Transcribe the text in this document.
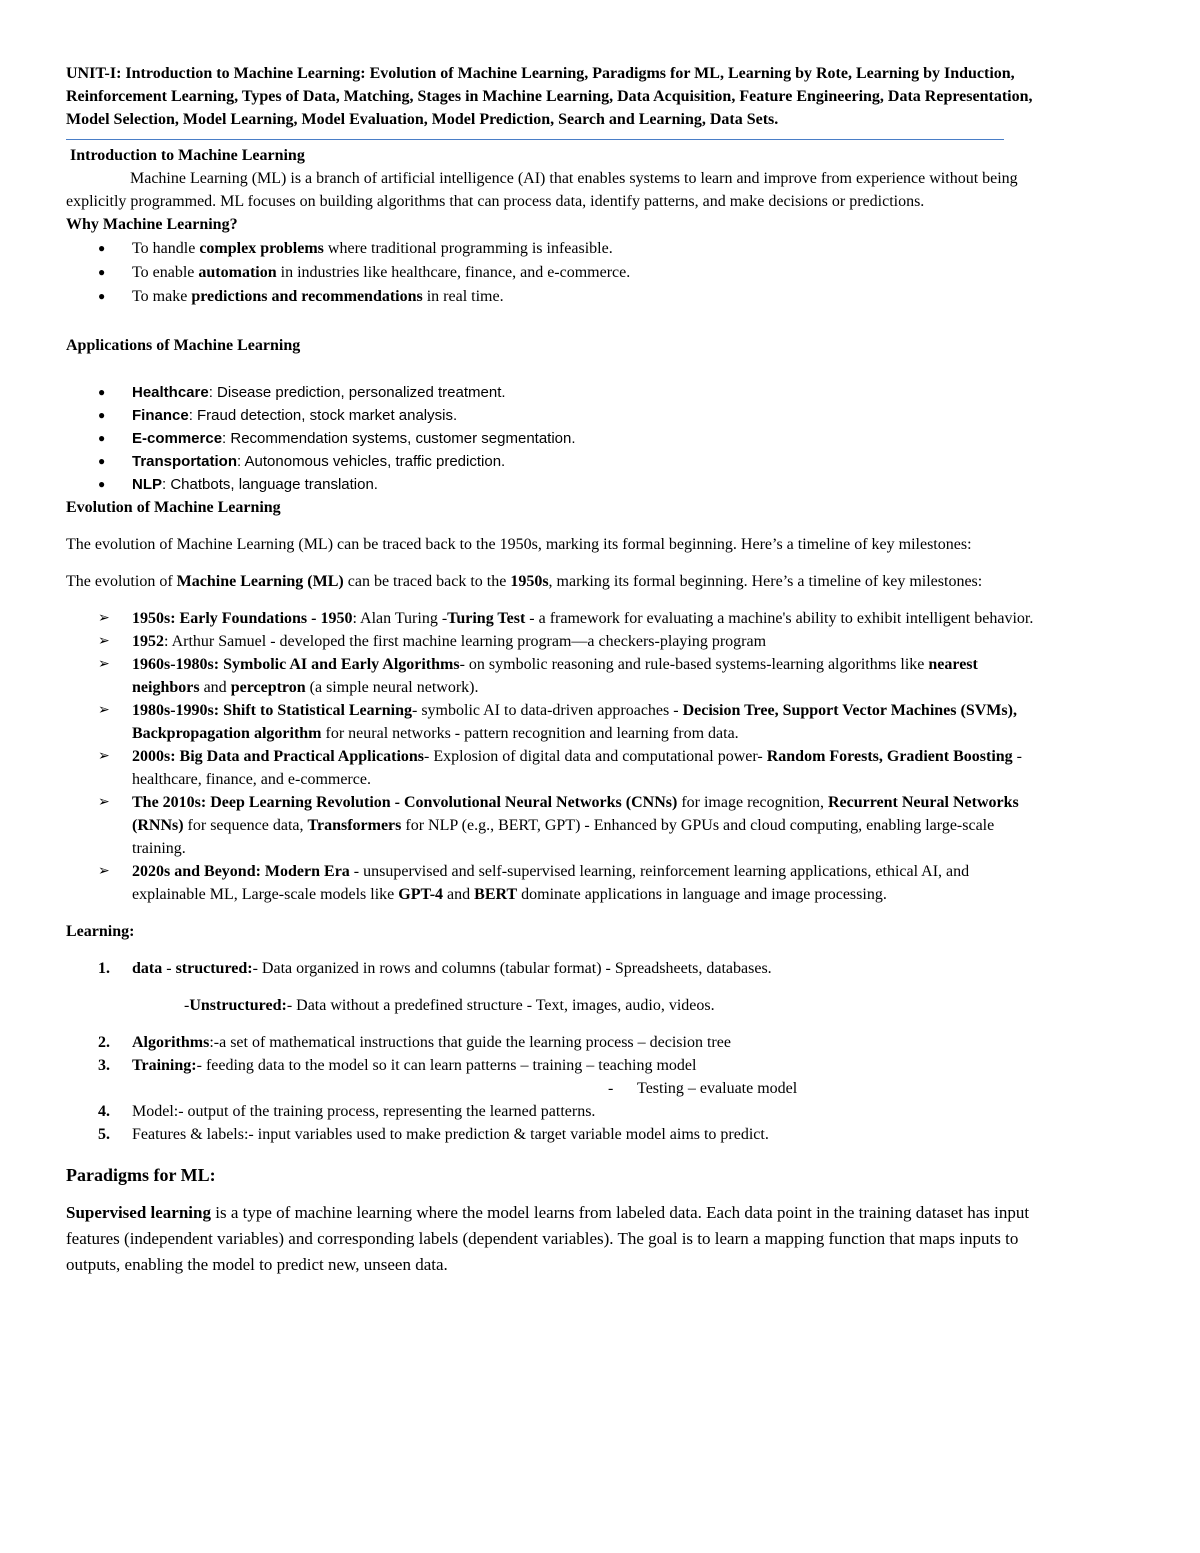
UNIT-I: Introduction to Machine Learning: Evolution of Machine Learning, Paradigms for ML, Learning by Rote, Learning by Induction, Reinforcement Learning, Types of Data, Matching, Stages in Machine Learning, Data Acquisition, Feature Engineering, Data Representation, Model Selection, Model Learning, Model Evaluation, Model Prediction, Search and Learning, Data Sets.

Introduction to Machine Learning

Machine Learning (ML) is a branch of artificial intelligence (AI) that enables systems to learn and improve from experience without being explicitly programmed. ML focuses on building algorithms that can process data, identify patterns, and make decisions or predictions.

Why Machine Learning?

● To handle complex problems where traditional programming is infeasible.
● To enable automation in industries like healthcare, finance, and e-commerce.
● To make predictions and recommendations in real time.

Applications of Machine Learning

● Healthcare: Disease prediction, personalized treatment.
● Finance: Fraud detection, stock market analysis.
● E-commerce: Recommendation systems, customer segmentation.
● Transportation: Autonomous vehicles, traffic prediction.
● NLP: Chatbots, language translation.

Evolution of Machine Learning

The evolution of Machine Learning (ML) can be traced back to the 1950s, marking its formal beginning. Here’s a timeline of key milestones:

The evolution of Machine Learning (ML) can be traced back to the 1950s, marking its formal beginning. Here’s a timeline of key milestones:

➢ 1950s: Early Foundations - 1950: Alan Turing -Turing Test - a framework for evaluating a machine's ability to exhibit intelligent behavior.
➢ 1952: Arthur Samuel - developed the first machine learning program—a checkers-playing program
➢ 1960s-1980s: Symbolic AI and Early Algorithms- on symbolic reasoning and rule-based systems-learning algorithms like nearest neighbors and perceptron (a simple neural network).
➢ 1980s-1990s: Shift to Statistical Learning- symbolic AI to data-driven approaches - Decision Tree, Support Vector Machines (SVMs), Backpropagation algorithm for neural networks - pattern recognition and learning from data.
➢ 2000s: Big Data and Practical Applications- Explosion of digital data and computational power- Random Forests, Gradient Boosting - healthcare, finance, and e-commerce.
➢ The 2010s: Deep Learning Revolution - Convolutional Neural Networks (CNNs) for image recognition, Recurrent Neural Networks (RNNs) for sequence data, Transformers for NLP (e.g., BERT, GPT) - Enhanced by GPUs and cloud computing, enabling large-scale training.
➢ 2020s and Beyond: Modern Era - unsupervised and self-supervised learning, reinforcement learning applications, ethical AI, and explainable ML, Large-scale models like GPT-4 and BERT dominate applications in language and image processing.

Learning:

1. data - structured:- Data organized in rows and columns (tabular format) - Spreadsheets, databases.

-Unstructured:- Data without a predefined structure - Text, images, audio, videos.

2. Algorithms:-a set of mathematical instructions that guide the learning process – decision tree
3. Training:- feeding data to the model so it can learn patterns – training – teaching model

-      Testing – evaluate model

4. Model:- output of the training process, representing the learned patterns.
5. Features & labels:- input variables used to make prediction & target variable model aims to predict.

Paradigms for ML:

Supervised learning is a type of machine learning where the model learns from labeled data. Each data point in the training dataset has input features (independent variables) and corresponding labels (dependent variables). The goal is to learn a mapping function that maps inputs to outputs, enabling the model to predict new, unseen data.
